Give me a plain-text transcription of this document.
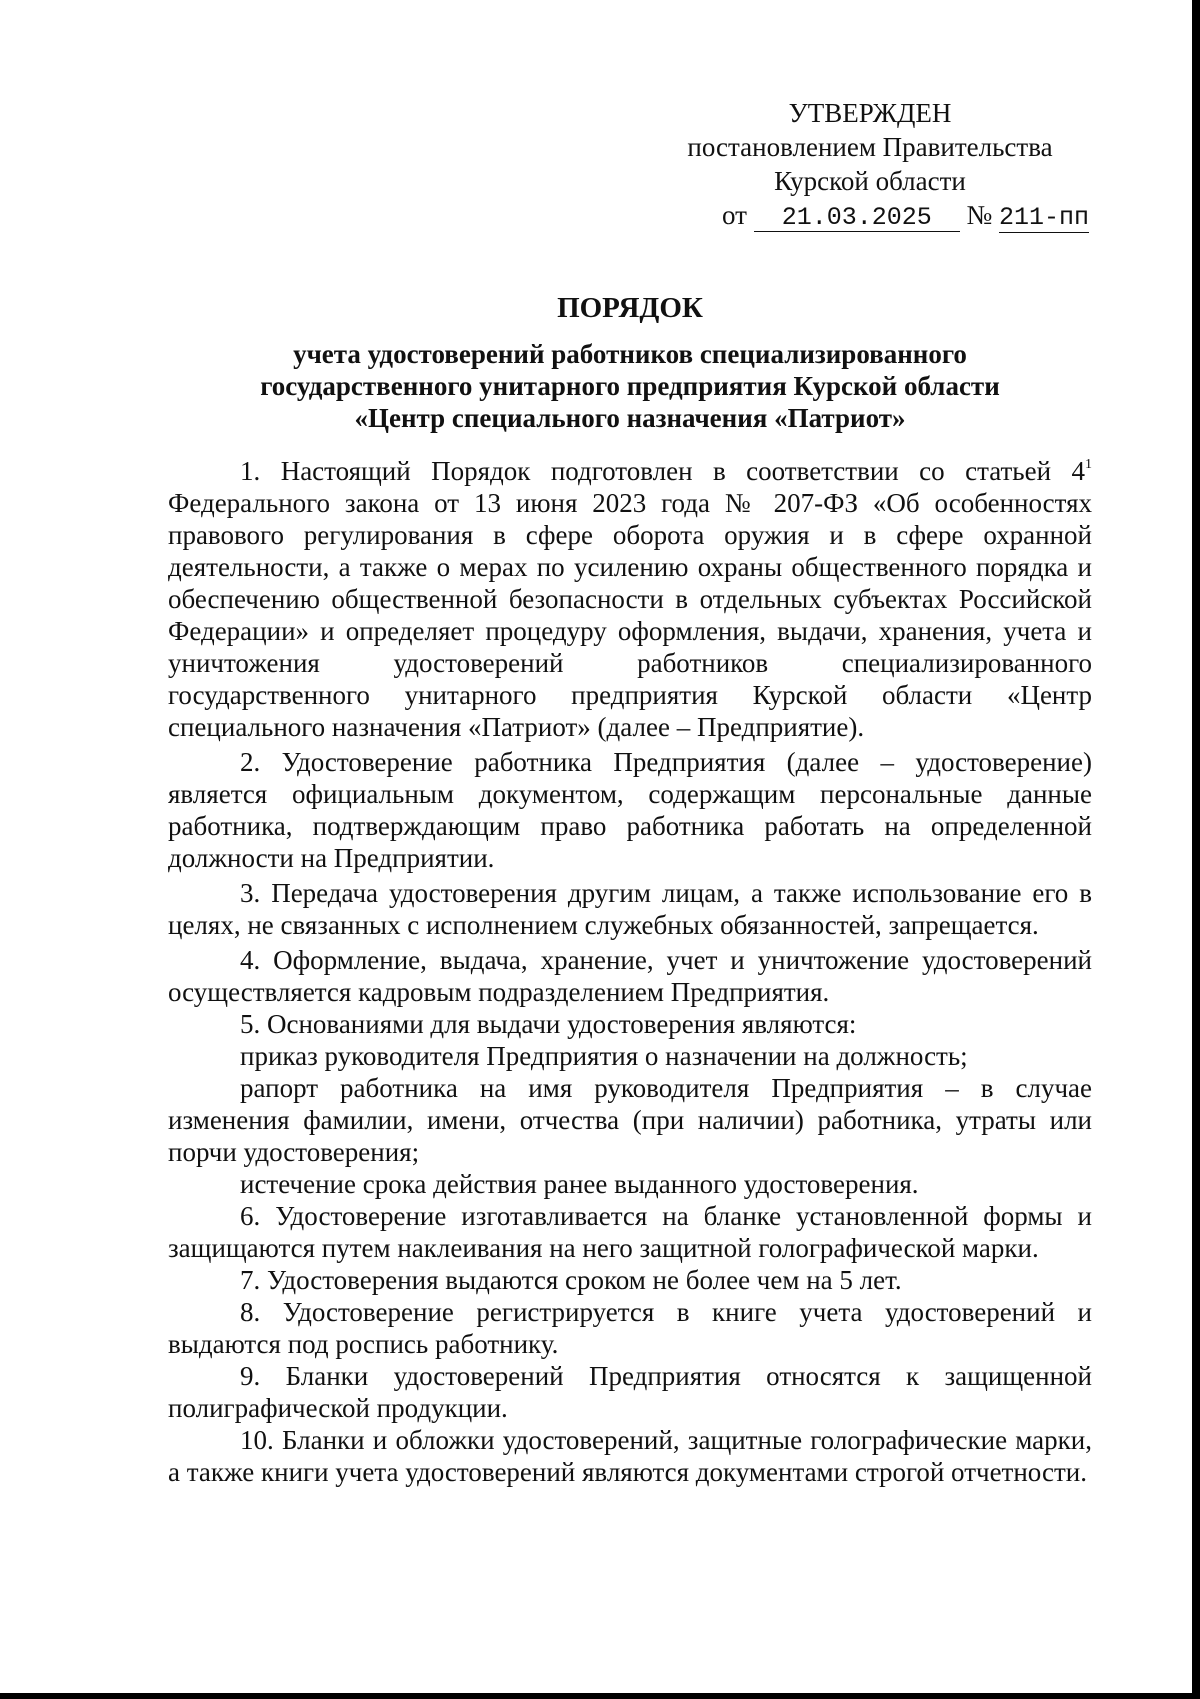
УТВЕРЖДЕН
постановлением Правительства
Курской области
от 21.03.2025 № 211-пп
ПОРЯДОК
учета удостоверений работников специализированного
государственного унитарного предприятия Курской области
«Центр специального назначения «Патриот»

1. Настоящий Порядок подготовлен в соответствии со статьей $4^1$ Федерального закона от 13 июня 2023 года № 207-ФЗ «Об особенностях правового регулирования в сфере оборота оружия и в сфере охранной деятельности, а также о мерах по усилению охраны общественного порядка и обеспечению общественной безопасности в отдельных субъектах Российской Федерации» и определяет процедуру оформления, выдачи, хранения, учета и уничтожения удостоверений работников специализированного государственного унитарного предприятия Курской области «Центр специального назначения «Патриот» (далее – Предприятие).

2. Удостоверение работника Предприятия (далее – удостоверение) является официальным документом, содержащим персональные данные работника, подтверждающим право работника работать на определенной должности на Предприятии.

3. Передача удостоверения другим лицам, а также использование его в целях, не связанных с исполнением служебных обязанностей, запрещается.

4. Оформление, выдача, хранение, учет и уничтожение удостоверений осуществляется кадровым подразделением Предприятия.

5. Основаниями для выдачи удостоверения являются:

приказ руководителя Предприятия о назначении на должность;

рапорт работника на имя руководителя Предприятия – в случае изменения фамилии, имени, отчества (при наличии) работника, утраты или порчи удостоверения;

истечение срока действия ранее выданного удостоверения.

6. Удостоверение изготавливается на бланке установленной формы и защищаются путем наклеивания на него защитной голографической марки.

7. Удостоверения выдаются сроком не более чем на 5 лет.

8. Удостоверение регистрируется в книге учета удостоверений и выдаются под роспись работнику.

9. Бланки удостоверений Предприятия относятся к защищенной полиграфической продукции.

10. Бланки и обложки удостоверений, защитные голографические марки, а также книги учета удостоверений являются документами строгой отчетности.
